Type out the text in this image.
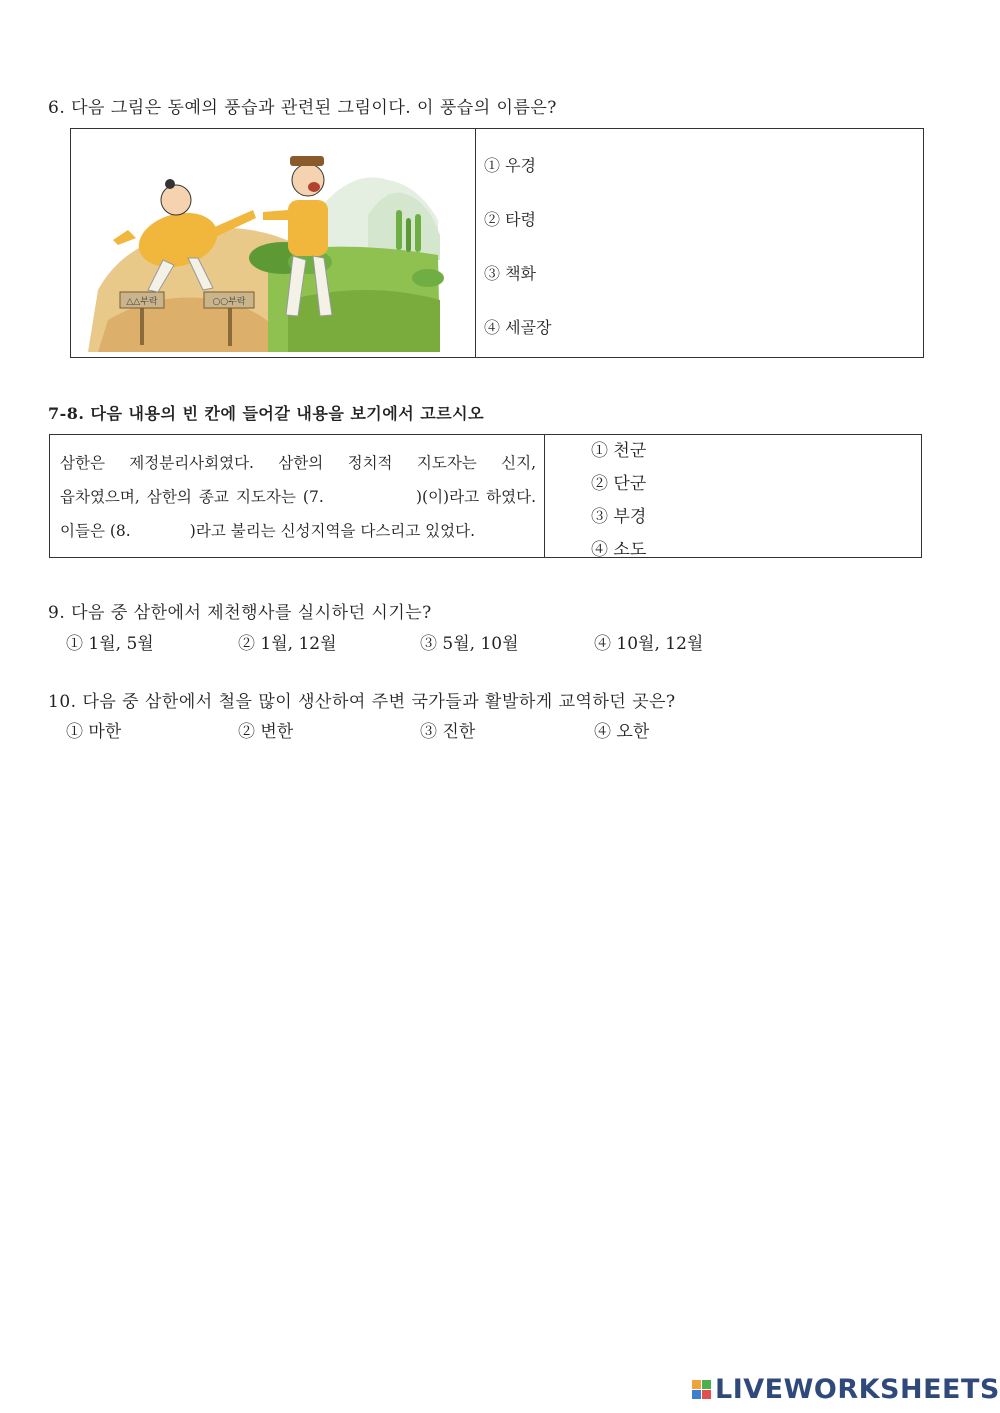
6. 다음 그림은 동예의 풍습과 관련된 그림이다. 이 풍습의 이름은?
△△부락	○○부락
① 우경
② 타령
③ 책화
④ 세골장
7-8. 다음 내용의 빈 칸에 들어갈 내용을 보기에서 고르시오
삼한은 제정분리사회였다. 삼한의 정치적 지도자는 신지,
읍차였으며, 삼한의 종교 지도자는 (7.             )(이)라고 하였다.
이들은 (8.            )라고 불리는 신성지역을 다스리고 있었다.
① 천군
② 단군
③ 부경
④ 소도
9. 다음 중 삼한에서 제천행사를 실시하던 시기는?
① 1월, 5월	② 1월, 12월	③ 5월, 10월	④ 10월, 12월
10. 다음 중 삼한에서 철을 많이 생산하여 주변 국가들과 활발하게 교역하던 곳은?
① 마한	② 변한	③ 진한	④ 오한
LIVEWORKSHEETS
